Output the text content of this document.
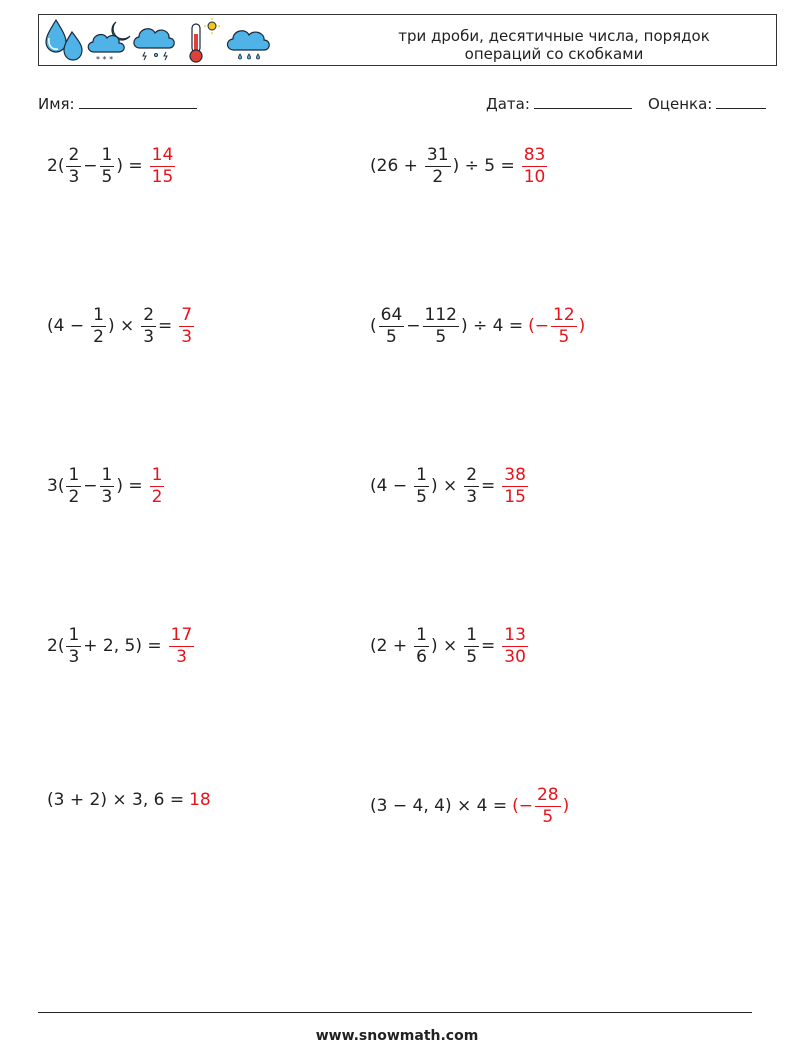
* * *
три дроби, десятичные числа, порядок
операций со скобками
Имя:	Дата:	Оценка:
$2( \frac{2}{3} - \frac{1}{5}$ ) = $\frac{14}{15}$	($26 + \frac{31}{2}$ ) ÷ $5 = \frac{83}{10}$
($4 - \frac{1}{2}$ ) × $\frac{2}{3} = \frac{7}{3}$	( $\frac{64}{5} - \frac{112}{5}$ ) ÷ 4 = (− $\frac{12}{5}$ )
$3( \frac{1}{2} - \frac{1}{3}$ ) = $\frac{1}{2}$	($4 - \frac{1}{5}$ ) × $\frac{2}{3} = \frac{38}{15}$
$2( \frac{1}{3} + 2$, $5) = \frac{17}{3}$	($2 + \frac{1}{6}$ ) × $\frac{1}{5} = \frac{13}{30}$
(3 + 2) × 3, 6 = 18	(3 − 4, 4) × 4 = (− $\frac{28}{5}$ )
www.snowmath.com
